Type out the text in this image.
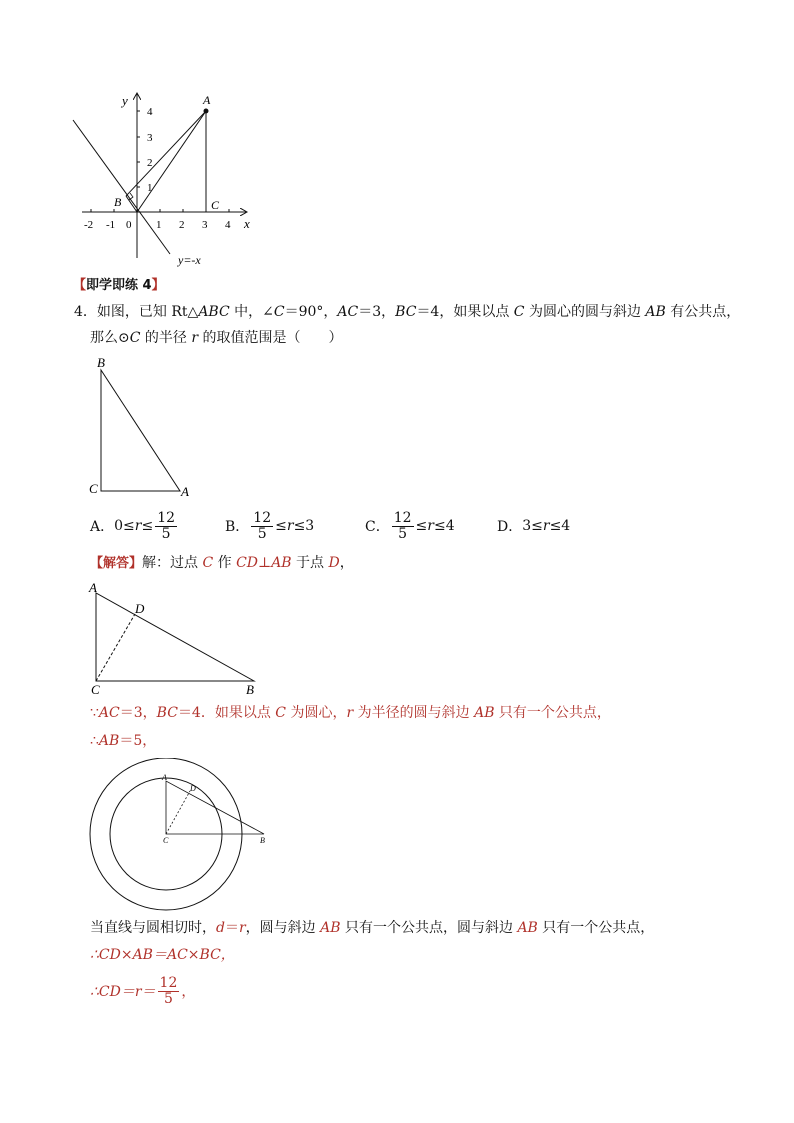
y
x
A
B	C
1
2
3
4
-2 -1 0 1 2 3 4
y=-x
【即学即练 4】
4．如图，已知 Rt△ABC 中，∠C＝90°，AC＝3，BC＝4，如果以点 C 为圆心的圆与斜边 AB 有公共点，
那么⊙C 的半径 r 的取值范围是（　　）
B
C	A
A． $0\le r \le \frac{12}{5}$	B． $\frac{12}{5} \le r \le 3$	C． $\frac{12}{5} \le r \le 4$	D． 3≤ r ≤4
【解答】解：过点 C 作 CD⊥AB 于点 D，
A
D
C	B
∵AC＝3，BC＝4．如果以点 C 为圆心，r 为半径的圆与斜边 AB 只有一个公共点，
∴AB＝5，
A
D
C	B
当直线与圆相切时，d＝r，圆与斜边 AB 只有一个公共点，圆与斜边 AB 只有一个公共点，
∴CD×AB＝AC×BC，
∴CD＝r＝ $\frac{12}{5}$ ，
